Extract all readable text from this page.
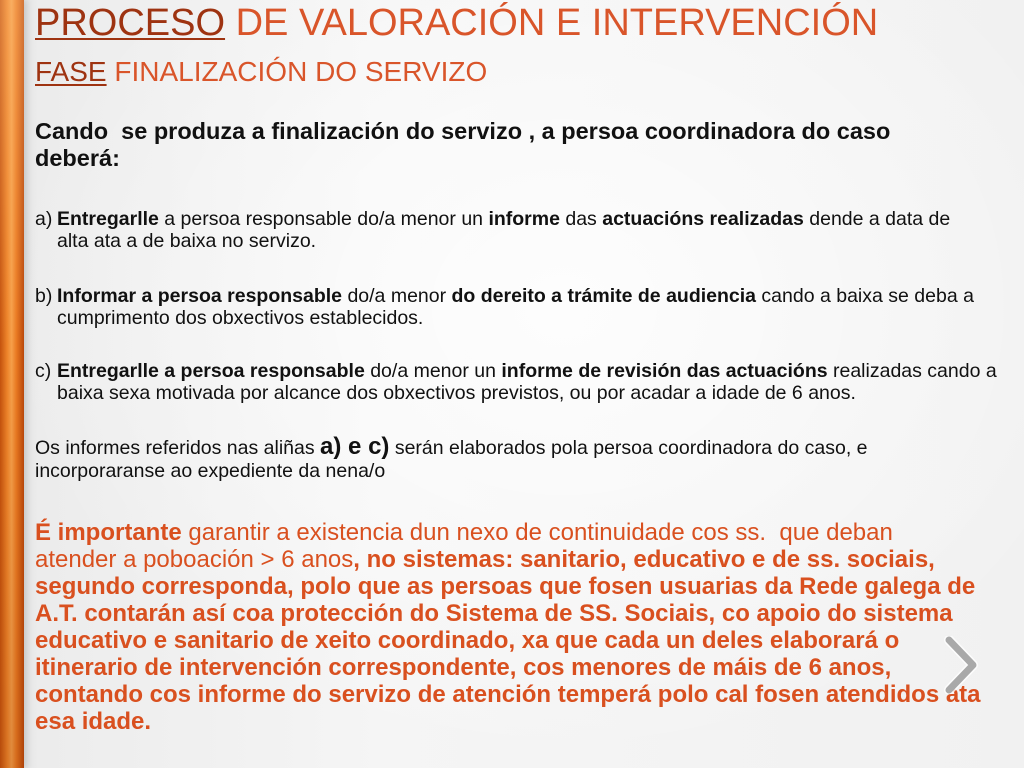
PROCESO DE VALORACIÓN E INTERVENCIÓN
FASE FINALIZACIÓN DO SERVIZO
Cando  se produza a finalización do servizo , a persoa coordinadora do caso
deberá:

a)

Entregarlle a persoa responsable do/a menor un informe das actuacións realizadas dende a data de
alta ata a de baixa no servizo.

b)

Informar a persoa responsable do/a menor do dereito a trámite de audiencia cando a baixa se deba a
cumprimento dos obxectivos establecidos.

c)

Entregarlle a persoa responsable do/a menor un informe de revisión das actuacións realizadas cando a
baixa sexa motivada por alcance dos obxectivos previstos, ou por acadar a idade de 6 anos.

Os informes referidos nas aliñas a) e c) serán elaborados pola persoa coordinadora do caso, e
incorporaranse ao expediente da nena/o
É importante garantir a existencia dun nexo de continuidade cos ss.  que deban
atender a poboación > 6 anos, no sistemas: sanitario, educativo e de ss. sociais,
segundo corresponda, polo que as persoas que fosen usuarias da Rede galega de
A.T. contarán así coa protección do Sistema de SS. Sociais, co apoio do sistema
educativo e sanitario de xeito coordinado, xa que cada un deles elaborará o
itinerario de intervención correspondente, cos menores de máis de 6 anos,
contando cos informe do servizo de atención temperá polo cal fosen atendidos ata
esa idade.
